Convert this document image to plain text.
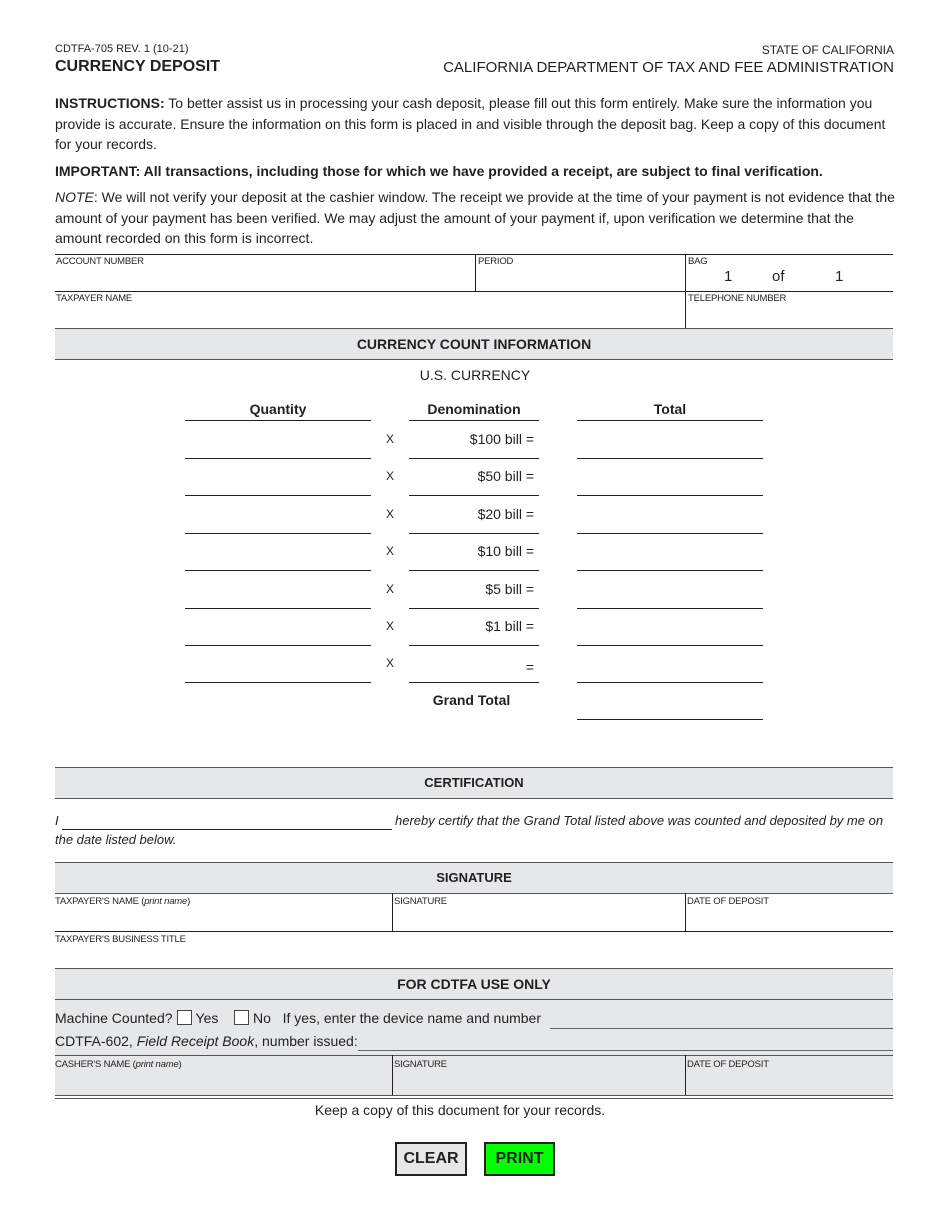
CDTFA-705 REV. 1 (10-21)
CURRENCY DEPOSIT
STATE OF CALIFORNIA
CALIFORNIA DEPARTMENT OF TAX AND FEE ADMINISTRATION
INSTRUCTIONS: To better assist us in processing your cash deposit, please fill out this form entirely. Make sure the information you provide is accurate. Ensure the information on this form is placed in and visible through the deposit bag. Keep a copy of this document for your records.
IMPORTANT: All transactions, including those for which we have provided a receipt, are subject to final verification.
NOTE: We will not verify your deposit at the cashier window. The receipt we provide at the time of your payment is not evidence that the amount of your payment has been verified. We may adjust the amount of your payment if, upon verification we determine that the amount recorded on this form is incorrect.
ACCOUNT NUMBER	PERIOD	BAG
1	of	1
TAXPAYER NAME	TELEPHONE NUMBER
CURRENCY COUNT INFORMATION
U.S. CURRENCY
Quantity	Denomination	Total
X	$100 bill =
X	$50 bill =
X	$20 bill =
X	$10 bill =
X	$5 bill =
X	$1 bill =
X	=
Grand Total
CERTIFICATION
I	hereby certify that the Grand Total listed above was counted and deposited by me on
the date listed below.
SIGNATURE
TAXPAYER'S NAME (print name)	SIGNATURE	DATE OF DEPOSIT
TAXPAYER'S BUSINESS TITLE
FOR CDTFA USE ONLY
Machine Counted? Yes No If yes, enter the device name and number
CDTFA-602, Field Receipt Book, number issued:
CASHER'S NAME (print name)	SIGNATURE	DATE OF DEPOSIT
Keep a copy of this document for your records.
CLEAR	PRINT
